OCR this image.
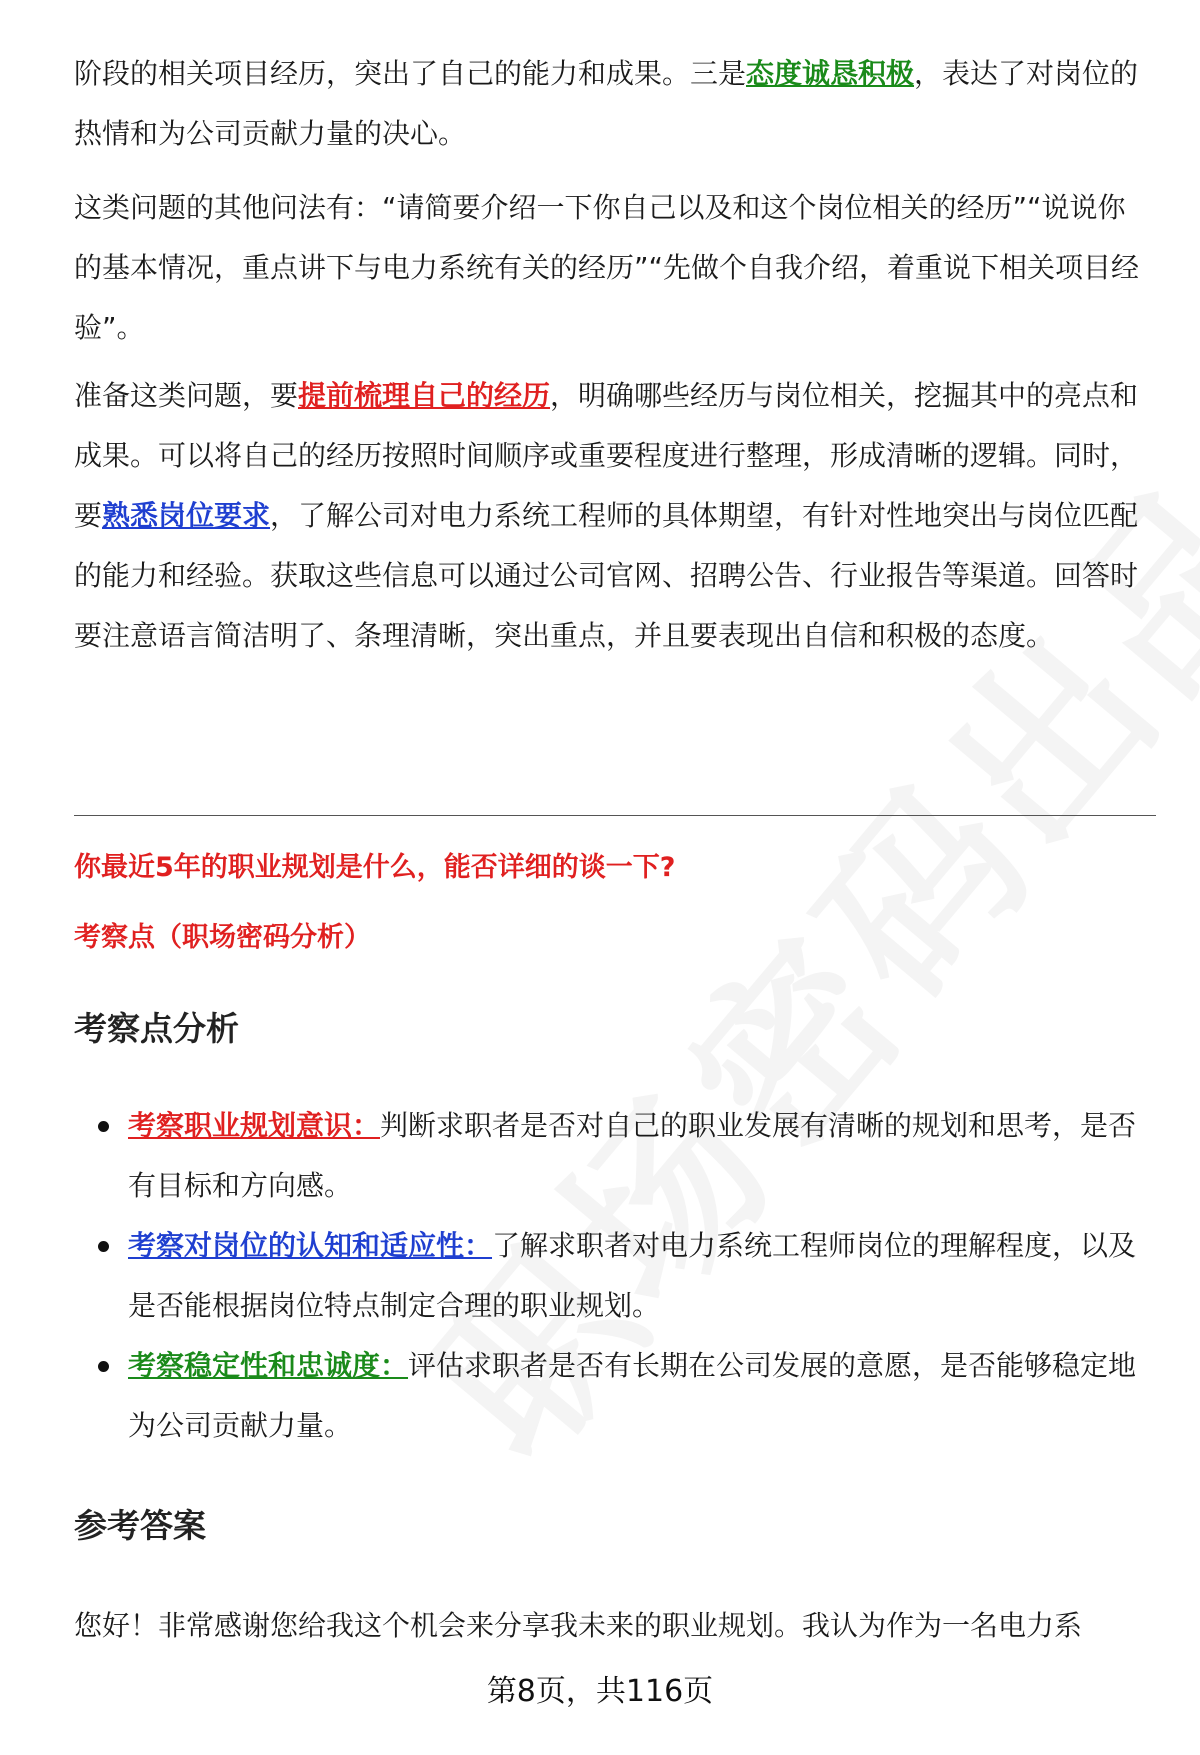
阶段的相关项目经历，突出了自己的能力和成果。三是态度诚恳积极，表达了对岗位的热情和为公司贡献力量的决心。

这类问题的其他问法有：“请简要介绍一下你自己以及和这个岗位相关的经历”“说说你的基本情况，重点讲下与电力系统有关的经历”“先做个自我介绍，着重说下相关项目经验”。

准备这类问题，要提前梳理自己的经历，明确哪些经历与岗位相关，挖掘其中的亮点和成果。可以将自己的经历按照时间顺序或重要程度进行整理，形成清晰的逻辑。同时，要熟悉岗位要求，了解公司对电力系统工程师的具体期望，有针对性地突出与岗位匹配的能力和经验。获取这些信息可以通过公司官网、招聘公告、行业报告等渠道。回答时要注意语言简洁明了、条理清晰，突出重点，并且要表现出自信和积极的态度。

你最近5年的职业规划是什么，能否详细的谈一下?
考察点（职场密码分析）
考察点分析
考察职业规划意识：判断求职者是否对自己的职业发展有清晰的规划和思考，是否有目标和方向感。
考察对岗位的认知和适应性：了解求职者对电力系统工程师岗位的理解程度，以及是否能根据岗位特点制定合理的职业规划。
考察稳定性和忠诚度：评估求职者是否有长期在公司发展的意愿，是否能够稳定地为公司贡献力量。
参考答案

您好！非常感谢您给我这个机会来分享我未来的职业规划。我认为作为一名电力系

第8页，共116页
